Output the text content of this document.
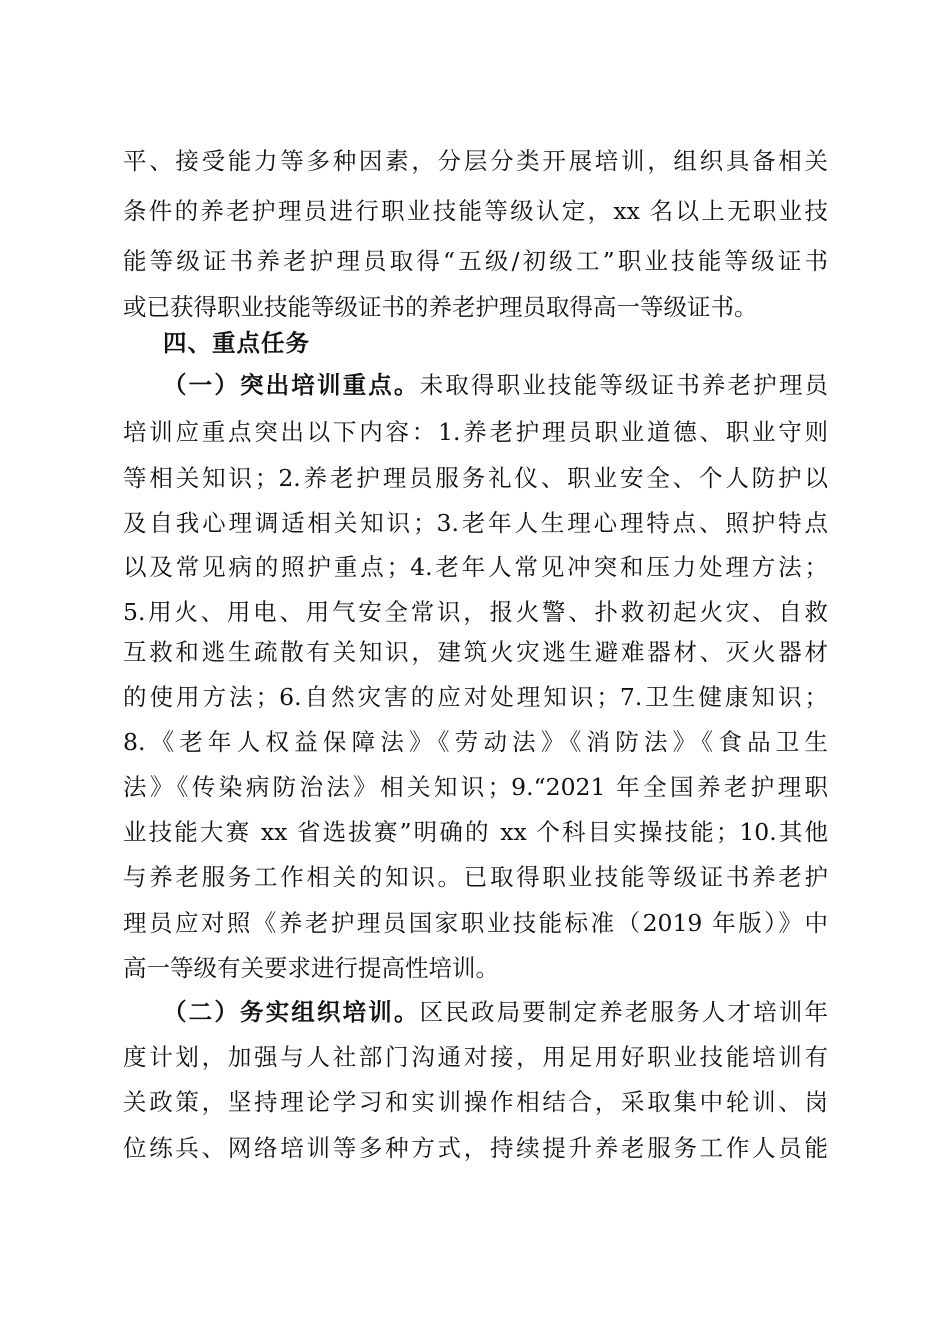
平、接受能力等多种因素，分层分类开展培训，组织具备相关
条件的养老护理员进行职业技能等级认定，xx 名以上无职业技
能等级证书养老护理员取得“五级/初级工”职业技能等级证书
或已获得职业技能等级证书的养老护理员取得高一等级证书。
四、重点任务
（一）突出培训重点。未取得职业技能等级证书养老护理员
培训应重点突出以下内容：1.养老护理员职业道德、职业守则
等相关知识；2.养老护理员服务礼仪、职业安全、个人防护以
及自我心理调适相关知识；3.老年人生理心理特点、照护特点
以及常见病的照护重点；4.老年人常见冲突和压力处理方法；
5.用火、用电、用气安全常识，报火警、扑救初起火灾、自救
互救和逃生疏散有关知识，建筑火灾逃生避难器材、灭火器材
的使用方法；6.自然灾害的应对处理知识；7.卫生健康知识；
8.《老年人权益保障法》《劳动法》《消防法》《食品卫生
法》《传染病防治法》相关知识；9.“2021 年全国养老护理职
业技能大赛 xx 省选拔赛”明确的 xx 个科目实操技能；10.其他
与养老服务工作相关的知识。已取得职业技能等级证书养老护
理员应对照《养老护理员国家职业技能标准（2019 年版）》中
高一等级有关要求进行提高性培训。
（二）务实组织培训。区民政局要制定养老服务人才培训年
度计划，加强与人社部门沟通对接，用足用好职业技能培训有
关政策，坚持理论学习和实训操作相结合，采取集中轮训、岗
位练兵、网络培训等多种方式，持续提升养老服务工作人员能
